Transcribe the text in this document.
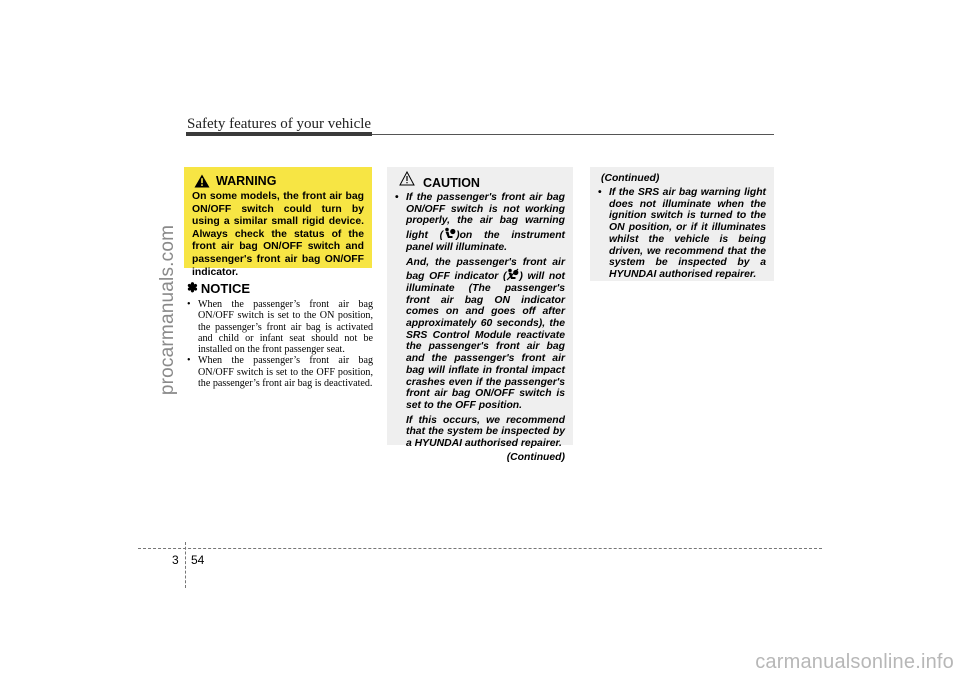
procarmanuals.com
Safety features of your vehicle
WARNING
On some models, the front air bag ON/OFF switch could turn by using a similar small rigid device. Always check the status of the front air bag ON/OFF switch and passenger's front air bag ON/OFF indicator.
✽ NOTICE
• When the passenger’s front air bag ON/OFF switch is set to the ON position, the passenger’s front air bag is activated and child or infant seat should not be installed on the front passenger seat.
• When the passenger’s front air bag ON/OFF switch is set to the OFF position, the passenger’s front air bag is deactivated.
CAUTION
• If the passenger's front air bag ON/OFF switch is not working properly, the air bag warning light ( )on the instrument panel will illuminate.
And, the passenger's front air bag OFF indicator ( ) will not illuminate (The passenger's front air bag ON indicator comes on and goes off after approximately 60 seconds), the SRS Control Module reactivate the passenger's front air bag and the passenger's front air bag will inflate in frontal impact crashes even if the passenger's front air bag ON/OFF switch is set to the OFF position.
If this occurs, we recommend that the system be inspected by a HYUNDAI authorised repairer.
(Continued)
(Continued)
• If the SRS air bag warning light does not illuminate when the ignition switch is turned to the ON position, or if it illuminates whilst the vehicle is being driven, we recommend that the system be inspected by a HYUNDAI authorised repairer.
3 54
carmanualsonline.info
